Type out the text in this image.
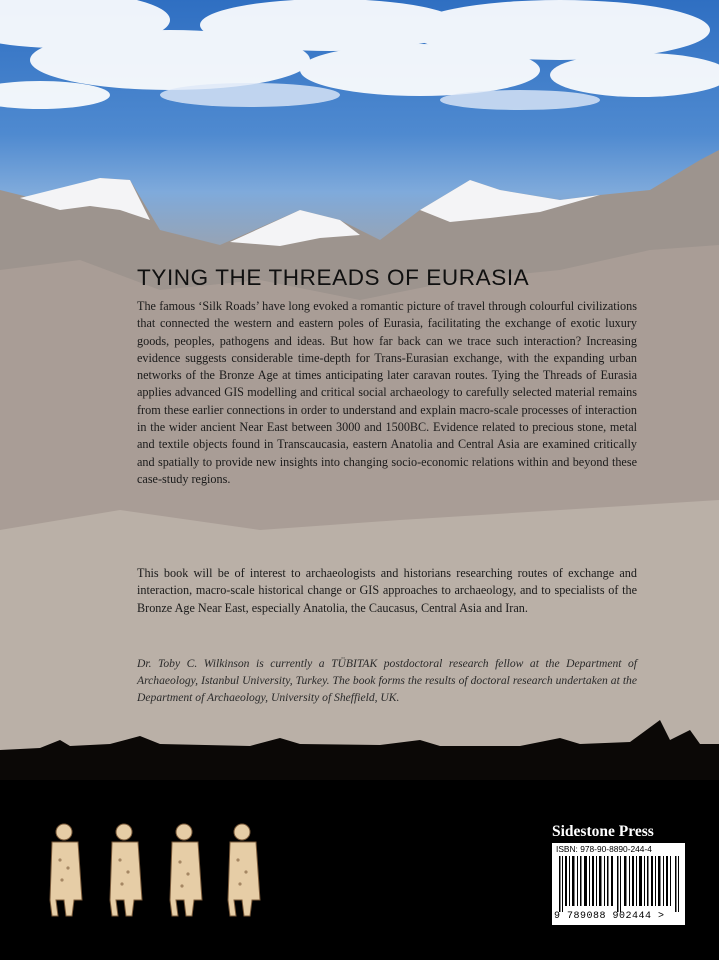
TYING THE THREADS OF EURASIA

The famous ‘Silk Roads’ have long evoked a romantic picture of travel through colourful civilizations that connected the western and eastern poles of Eurasia, facilitating the exchange of exotic luxury goods, peoples, pathogens and ideas. But how far back can we trace such interaction? Increasing evidence suggests considerable time-depth for Trans-Eurasian exchange, with the expanding urban networks of the Bronze Age at times anticipating later caravan routes. Tying the Threads of Eurasia applies advanced GIS modelling and critical social archaeology to carefully selected material remains from these earlier connections in order to understand and explain macro-scale processes of interaction in the wider ancient Near East between 3000 and 1500BC. Evidence related to precious stone, metal and textile objects found in Transcaucasia, eastern Anatolia and Central Asia are examined critically and spatially to provide new insights into changing socio-economic relations within and beyond these case-study regions.

This book will be of interest to archaeologists and historians researching routes of exchange and interaction, macro-scale historical change or GIS approaches to archaeology, and to specialists of the Bronze Age Near East, especially Anatolia, the Caucasus, Central Asia and Iran.

Dr. Toby C. Wilkinson is currently a TÜBITAK postdoctoral research fellow at the Department of Archaeology, Istanbul University, Turkey. The book forms the results of doctoral research undertaken at the Department of Archaeology, University of Sheffield, UK.

Sidestone Press

ISBN: 978-90-8890-244-4

9 789088 902444 >
